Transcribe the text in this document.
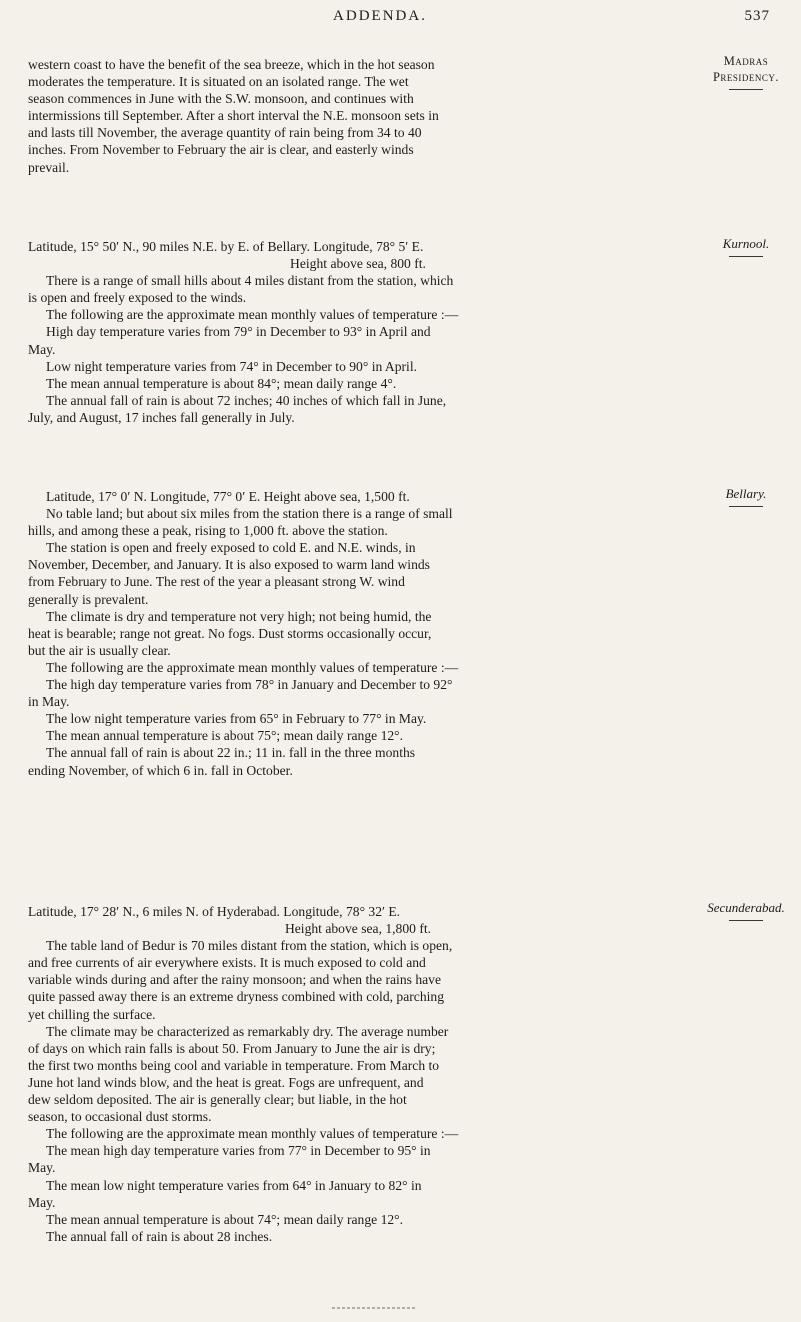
ADDENDA.	537
Madras
Presidency.
Kurnool.
Bellary.
Secunderabad.
western coast to have the benefit of the sea breeze, which in the hot season
moderates the temperature. It is situated on an isolated range. The wet
season commences in June with the S.W. monsoon, and continues with
intermissions till September. After a short interval the N.E. monsoon sets in
and lasts till November, the average quantity of rain being from 34 to 40
inches. From November to February the air is clear, and easterly winds
prevail.
Latitude, 15° 50′ N., 90 miles N.E. by E. of Bellary. Longitude, 78° 5′ E.
Height above sea, 800 ft.
There is a range of small hills about 4 miles distant from the station, which
is open and freely exposed to the winds.
The following are the approximate mean monthly values of temperature :—
High day temperature varies from 79° in December to 93° in April and
May.
Low night temperature varies from 74° in December to 90° in April.
The mean annual temperature is about 84°; mean daily range 4°.
The annual fall of rain is about 72 inches; 40 inches of which fall in June,
July, and August, 17 inches fall generally in July.
Latitude, 17° 0′ N. Longitude, 77° 0′ E. Height above sea, 1,500 ft.
No table land; but about six miles from the station there is a range of small
hills, and among these a peak, rising to 1,000 ft. above the station.
The station is open and freely exposed to cold E. and N.E. winds, in
November, December, and January. It is also exposed to warm land winds
from February to June. The rest of the year a pleasant strong W. wind
generally is prevalent.
The climate is dry and temperature not very high; not being humid, the
heat is bearable; range not great. No fogs. Dust storms occasionally occur,
but the air is usually clear.
The following are the approximate mean monthly values of temperature :—
The high day temperature varies from 78° in January and December to 92°
in May.
The low night temperature varies from 65° in February to 77° in May.
The mean annual temperature is about 75°; mean daily range 12°.
The annual fall of rain is about 22 in.; 11 in. fall in the three months
ending November, of which 6 in. fall in October.
Latitude, 17° 28′ N., 6 miles N. of Hyderabad. Longitude, 78° 32′ E.
Height above sea, 1,800 ft.
The table land of Bedur is 70 miles distant from the station, which is open,
and free currents of air everywhere exists. It is much exposed to cold and
variable winds during and after the rainy monsoon; and when the rains have
quite passed away there is an extreme dryness combined with cold, parching
yet chilling the surface.
The climate may be characterized as remarkably dry. The average number
of days on which rain falls is about 50. From January to June the air is dry;
the first two months being cool and variable in temperature. From March to
June hot land winds blow, and the heat is great. Fogs are unfrequent, and
dew seldom deposited. The air is generally clear; but liable, in the hot
season, to occasional dust storms.
The following are the approximate mean monthly values of temperature :—
The mean high day temperature varies from 77° in December to 95° in
May.
The mean low night temperature varies from 64° in January to 82° in
May.
The mean annual temperature is about 74°; mean daily range 12°.
The annual fall of rain is about 28 inches.
